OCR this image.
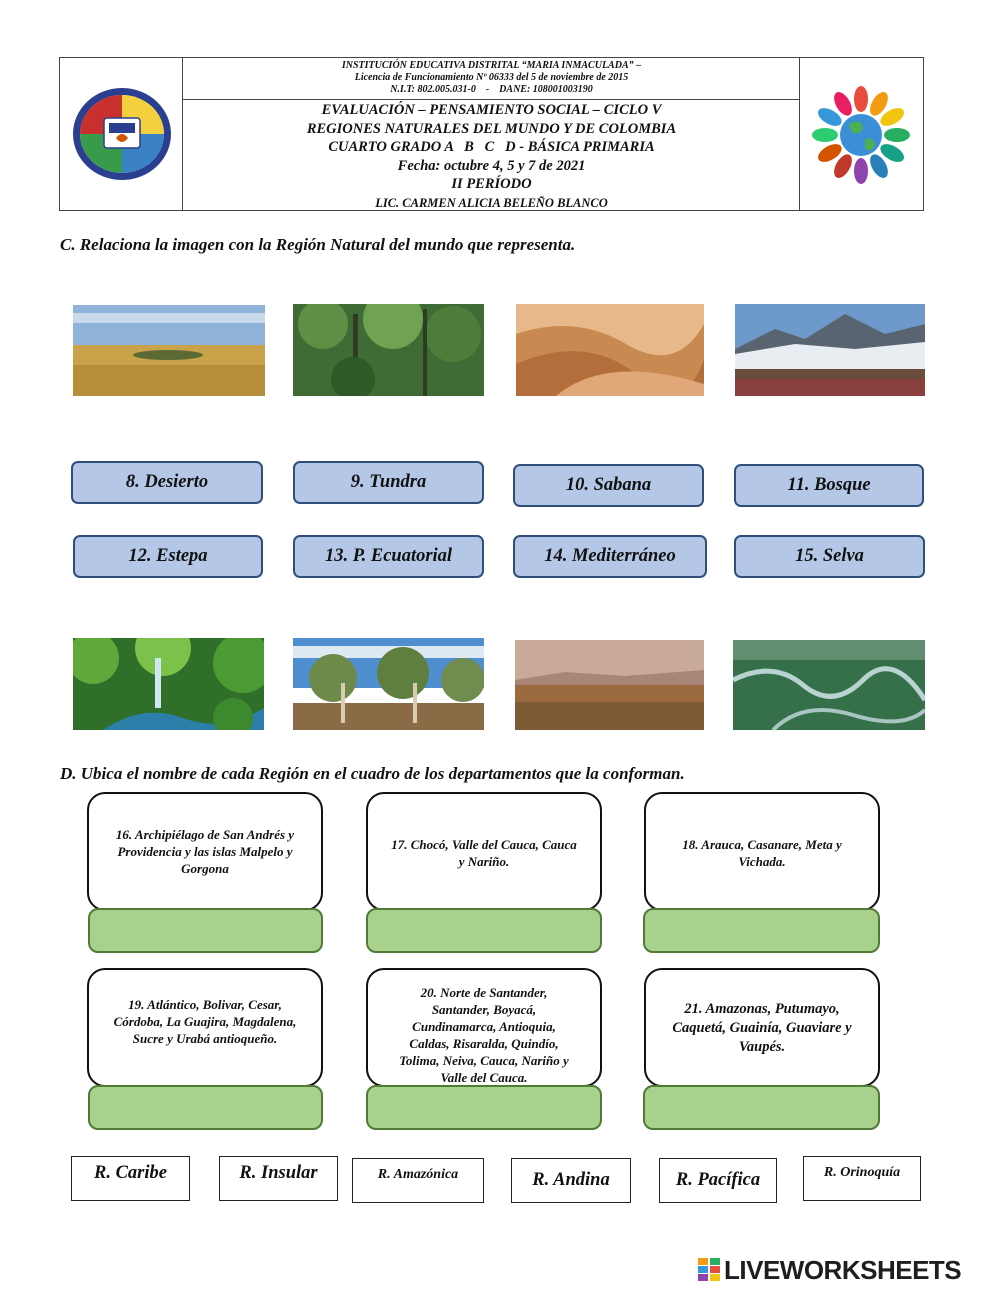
INSTITUCIÓN EDUCATIVA DISTRITAL “MARIA INMACULADA” –
Licencia de Funcionamiento Nº 06333 del 5 de noviembre de 2015
N.I.T: 802.005.031-0    -    DANE: 108001003190
EVALUACIÓN – PENSAMIENTO SOCIAL – CICLO V
REGIONES NATURALES DEL MUNDO Y DE COLOMBIA
CUARTO GRADO A   B   C   D - BÁSICA PRIMARIA
Fecha: octubre 4, 5 y 7 de 2021
II PERÍODO
LIC. CARMEN ALICIA BELEÑO BLANCO
C. Relaciona la imagen con la Región Natural del mundo que representa.
8. Desierto	9. Tundra	10. Sabana	11. Bosque
12. Estepa	13. P. Ecuatorial	14. Mediterráneo	15. Selva
D. Ubica el nombre de cada Región en el cuadro de los departamentos que la conforman.
16. Archipiélago de San Andrés y Providencia y las islas Malpelo y Gorgona
17. Chocó, Valle del Cauca, Cauca y Nariño.
18. Arauca, Casanare, Meta y Vichada.
19. Atlántico, Bolivar, Cesar, Córdoba, La Guajira, Magdalena, Sucre y Urabá antioqueño.
20. Norte de Santander, Santander, Boyacá, Cundinamarca, Antioquia, Caldas, Risaralda, Quindío, Tolima, Neiva, Cauca, Nariño y Valle del Cauca.
21. Amazonas, Putumayo, Caquetá, Guainía, Guaviare y Vaupés.
R. Caribe	R. Insular	R. Amazónica	R. Andina	R. Pacífica	R. Orinoquía
LIVEWORKSHEETS
